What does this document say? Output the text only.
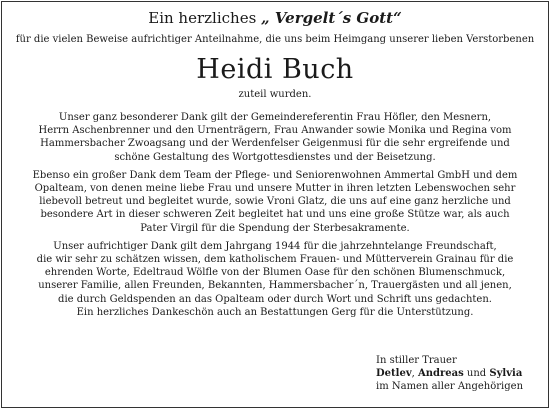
Ein herzliches „ Vergelt´s Gott“
für die vielen Beweise aufrichtiger Anteilnahme, die uns beim Heimgang unserer lieben Verstorbenen
Heidi Buch
zuteil wurden.
Unser ganz besonderer Dank gilt der Gemeindereferentin Frau Höfler, den Mesnern,
Herrn Aschenbrenner und den Urnenträgern, Frau Anwander sowie Monika und Regina vom
Hammersbacher Zwoagsang und der Werdenfelser Geigenmusi für die sehr ergreifende und
schöne Gestaltung des Wortgottesdienstes und der Beisetzung.
Ebenso ein großer Dank dem Team der Pflege- und Seniorenwohnen Ammertal GmbH und dem
Opalteam, von denen meine liebe Frau und unsere Mutter in ihren letzten Lebenswochen sehr
liebevoll betreut und begleitet wurde, sowie Vroni Glatz, die uns auf eine ganz herzliche und
besondere Art in dieser schweren Zeit begleitet hat und uns eine große Stütze war, als auch
Pater Virgil für die Spendung der Sterbesakramente.
Unser aufrichtiger Dank gilt dem Jahrgang 1944 für die jahrzehntelange Freundschaft,
die wir sehr zu schätzen wissen, dem katholischem Frauen- und Mütterverein Grainau für die
ehrenden Worte, Edeltraud Wölfle von der Blumen Oase für den schönen Blumenschmuck,
unserer Familie, allen Freunden, Bekannten, Hammersbacher´n, Trauergästen und all jenen,
die durch Geldspenden an das Opalteam oder durch Wort und Schrift uns gedachten.
Ein herzliches Dankeschön auch an Bestattungen Gerg für die Unterstützung.
In stiller Trauer
Detlev, Andreas und Sylvia
im Namen aller Angehörigen
